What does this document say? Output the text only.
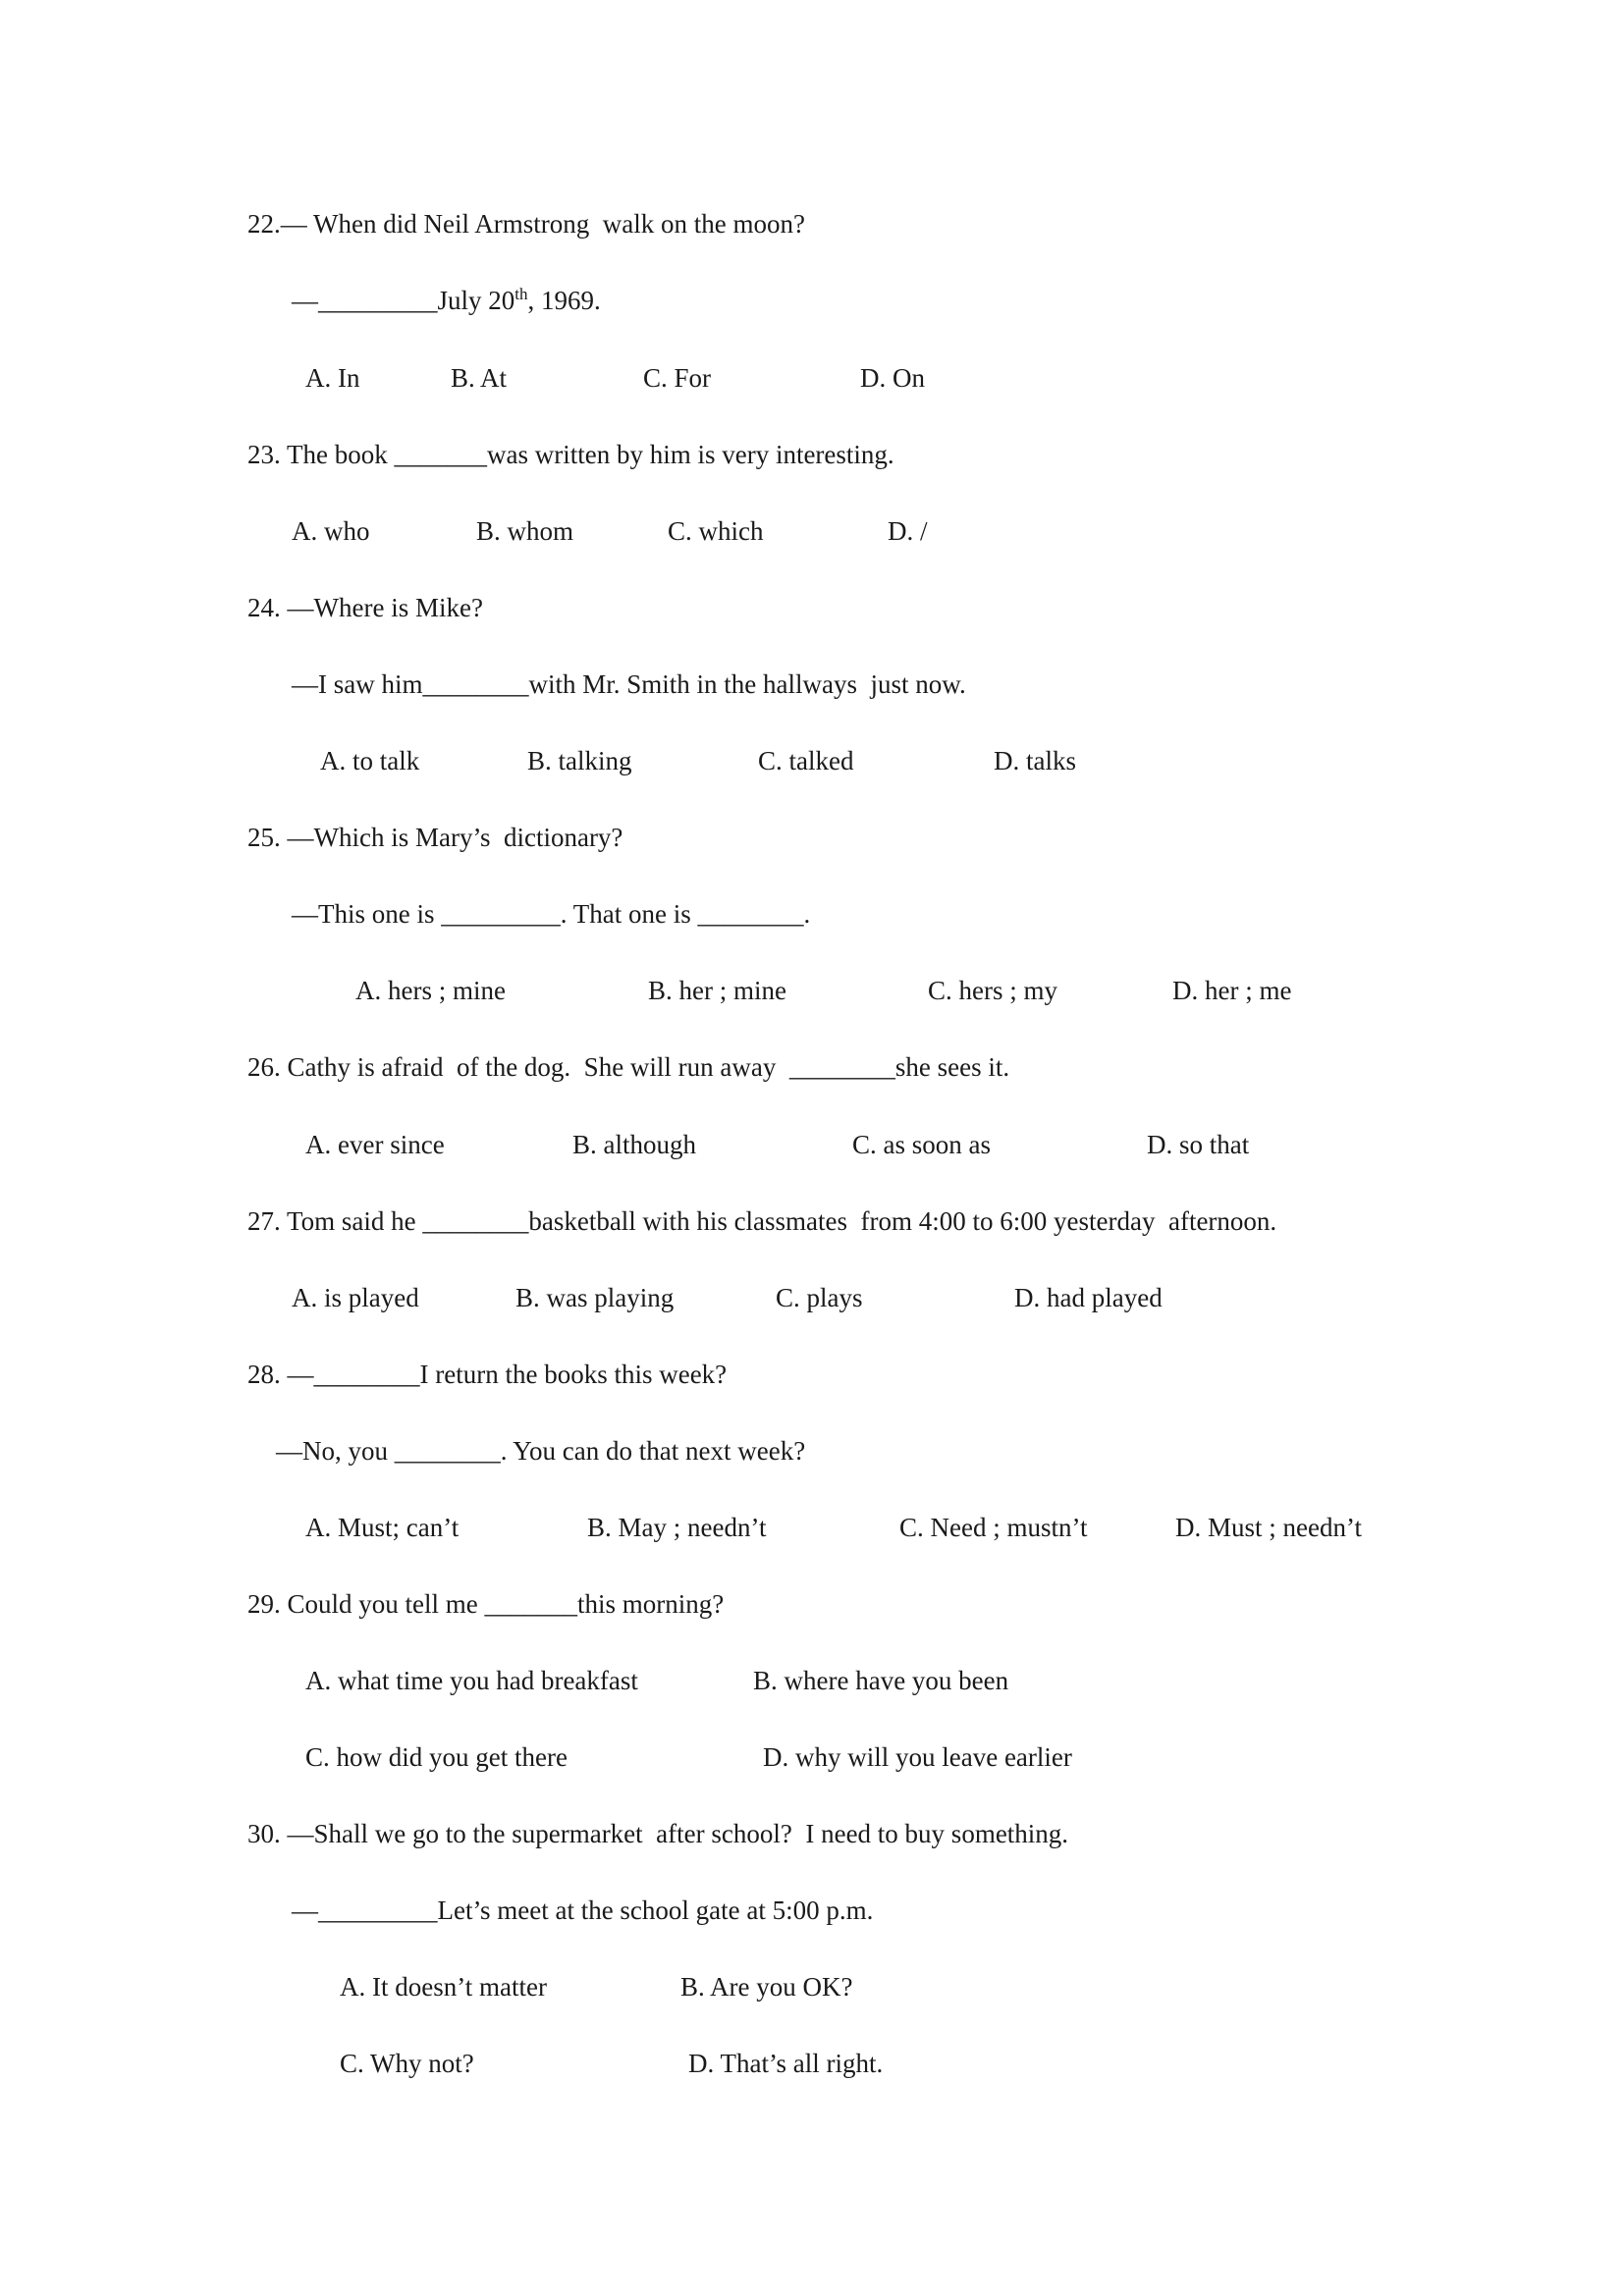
22.— When did Neil Armstrong  walk on the moon?
—_________July 20th, 1969.
A. In	B. At	C. For	D. On
23. The book _______was written by him is very interesting.
A. who	B. whom	C. which	D. /
24. —Where is Mike?
—I saw him________with Mr. Smith in the hallways  just now.
A. to talk	B. talking	C. talked	D. talks
25. —Which is Mary’s  dictionary?
—This one is _________. That one is ________.
A. hers ; mine	B. her ; mine	C. hers ; my	D. her ; me
26. Cathy is afraid  of the dog.  She will run away  ________she sees it.
A. ever since	B. although	C. as soon as	D. so that
27. Tom said he ________basketball with his classmates  from 4:00 to 6:00 yesterday  afternoon.
A. is played	B. was playing	C. plays	D. had played
28. —________I return the books this week?
—No, you ________. You can do that next week?
A. Must; can’t	B. May ; needn’t	C. Need ; mustn’t	D. Must ; needn’t
29. Could you tell me _______this morning?
A. what time you had breakfast	B. where have you been
C. how did you get there	D. why will you leave earlier
30. —Shall we go to the supermarket  after school?  I need to buy something.
—_________Let’s meet at the school gate at 5:00 p.m.
A. It doesn’t matter	B. Are you OK?
C. Why not?	D. That’s all right.
